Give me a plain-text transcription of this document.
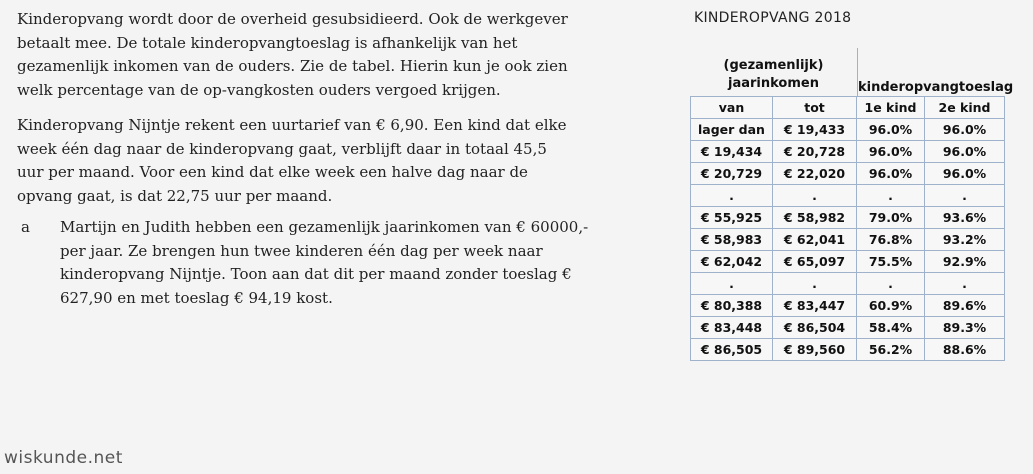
Kinderopvang wordt door de overheid gesubsidieerd. Ook de werkgever betaalt mee. De totale kinderopvangtoeslag is afhankelijk van het gezamenlijk inkomen van de ouders. Zie de tabel. Hierin kun je ook zien welk percentage van de op-vangkosten ouders vergoed krijgen.

Kinderopvang Nijntje rekent een uurtarief van € 6,90. Een kind dat elke week één dag naar de kinderopvang gaat, verblijft daar in totaal 45,5 uur per maand. Voor een kind dat elke week een halve dag naar de opvang gaat, is dat 22,75 uur per maand.

a Martijn en Judith hebben een gezamenlijk jaarinkomen van € 60000,- per jaar. Ze brengen hun twee kinderen één dag per week naar kinderopvang Nijntje. Toon aan dat dit per maand zonder toeslag € 627,90 en met toeslag € 94,19 kost.

KINDEROPVANG 2018
(gezamenlijk)
jaarinkomen	kinderopvangtoeslag
van	tot	1e kind	2e kind
lager dan	€ 19,433	96.0%	96.0%
€ 19,434	€ 20,728	96.0%	96.0%
€ 20,729	€ 22,020	96.0%	96.0%
.	.	.	.
€ 55,925	€ 58,982	79.0%	93.6%
€ 58,983	€ 62,041	76.8%	93.2%
€ 62,042	€ 65,097	75.5%	92.9%
.	.	.	.
€ 80,388	€ 83,447	60.9%	89.6%
€ 83,448	€ 86,504	58.4%	89.3%
€ 86,505	€ 89,560	56.2%	88.6%
wiskunde.net
